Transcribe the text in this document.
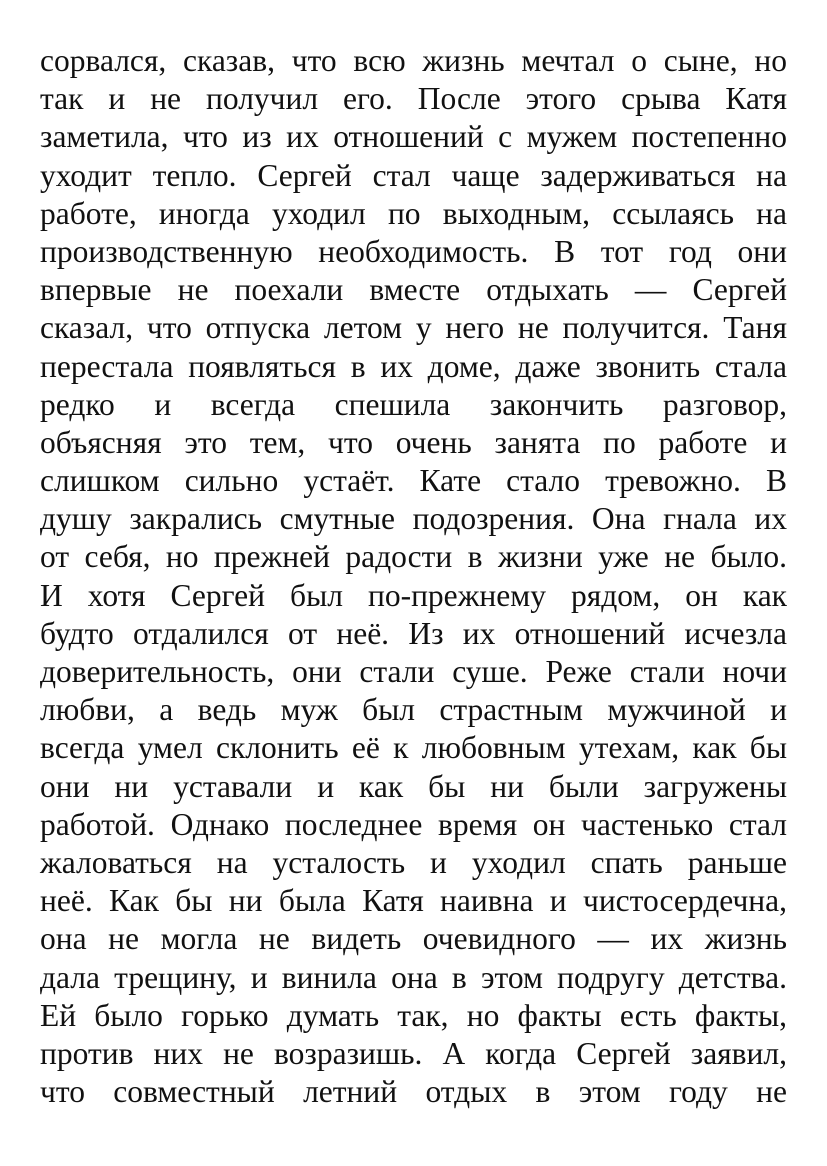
сорвался, сказав, что всю жизнь мечтал о сыне, но
так и не получил его. После этого срыва Катя
заметила, что из их отношений с мужем постепенно
уходит тепло. Сергей стал чаще задерживаться на
работе, иногда уходил по выходным, ссылаясь на
производственную необходимость. В тот год они
впервые не поехали вместе отдыхать — Сергей
сказал, что отпуска летом у него не получится. Таня
перестала появляться в их доме, даже звонить стала
редко и всегда спешила закончить разговор,
объясняя это тем, что очень занята по работе и
слишком сильно устаёт. Кате стало тревожно. В
душу закрались смутные подозрения. Она гнала их
от себя, но прежней радости в жизни уже не было.
И хотя Сергей был по-прежнему рядом, он как
будто отдалился от неё. Из их отношений исчезла
доверительность, они стали суше. Реже стали ночи
любви, а ведь муж был страстным мужчиной и
всегда умел склонить её к любовным утехам, как бы
они ни уставали и как бы ни были загружены
работой. Однако последнее время он частенько стал
жаловаться на усталость и уходил спать раньше
неё. Как бы ни была Катя наивна и чистосердечна,
она не могла не видеть очевидного — их жизнь
дала трещину, и винила она в этом подругу детства.
Ей было горько думать так, но факты есть факты,
против них не возразишь. А когда Сергей заявил,
что совместный летний отдых в этом году не
